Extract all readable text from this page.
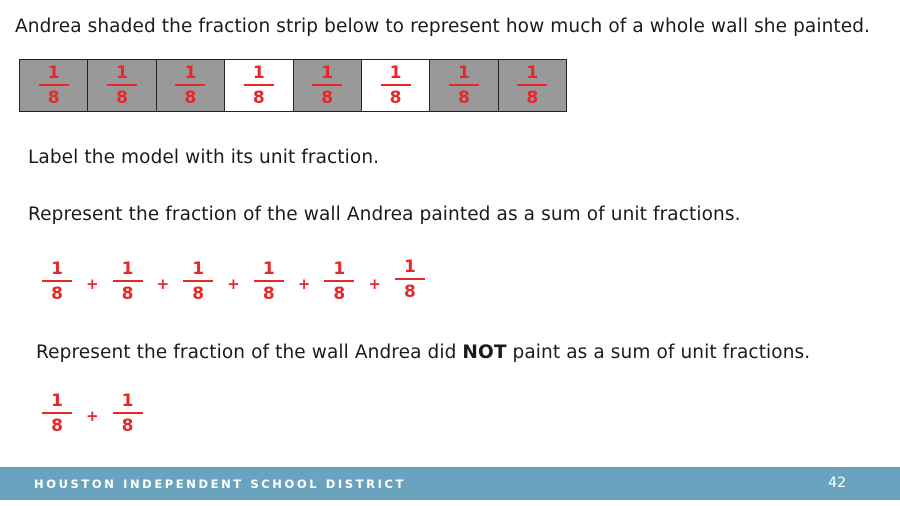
Andrea shaded the fraction strip below to represent how much of a whole wall she painted.
$\frac{1}{8} \frac{1}{8} \frac{1}{8} \frac{1}{8} \frac{1}{8} \frac{1}{8} \frac{1}{8} \frac{1}{8}$
Label the model with its unit fraction.
Represent the fraction of the wall Andrea painted as a sum of unit fractions.
$\frac{1}{8} + \frac{1}{8} + \frac{1}{8} + \frac{1}{8} + \frac{1}{8} + \frac{1}{8}$
Represent the fraction of the wall Andrea did NOT paint as a sum of unit fractions.
$\frac{1}{8} + \frac{1}{8}$
HOUSTON INDEPENDENT SCHOOL DISTRICT	42
